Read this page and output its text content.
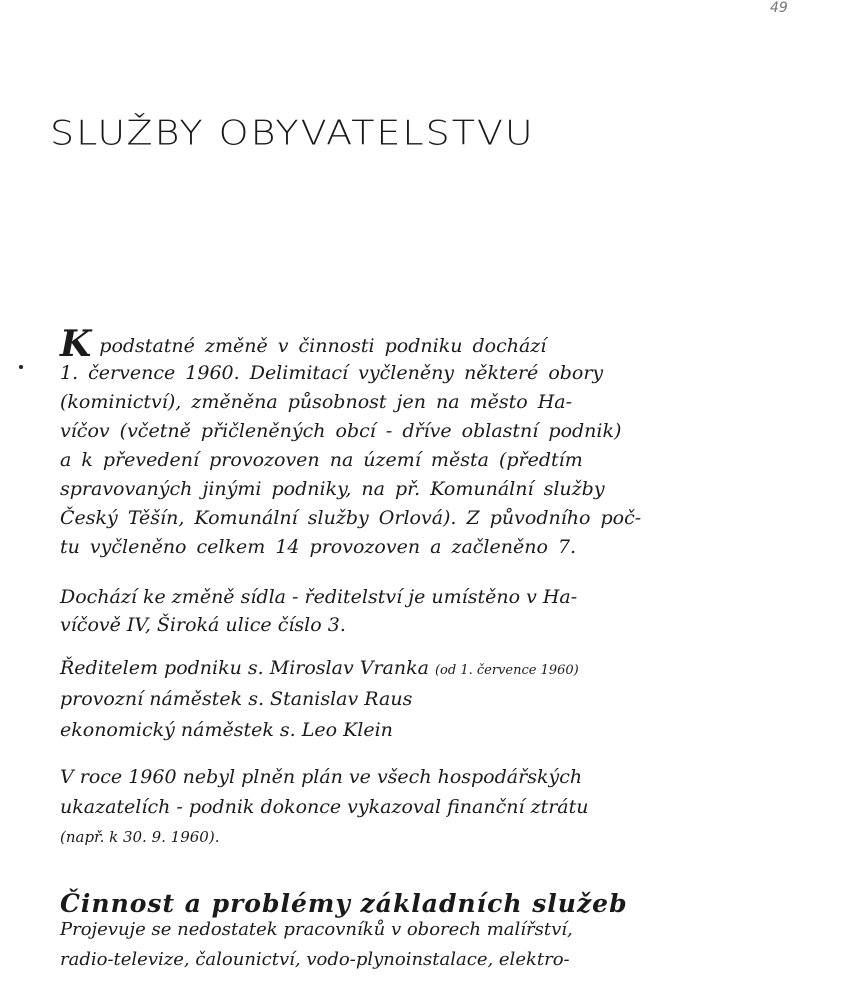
49
SLUŽBY OBYVATELSTVU

Kpodstatné změně v činnosti podniku dochází

1. července 1960. Delimitací vyčleněny některé obory

(kominictví), změněna působnost jen na město Ha-

víčov (včetně přičleněných obcí - dříve oblastní podnik)

a k převedení provozoven na území města (předtím

spravovaných jinými podniky, na př. Komunální služby

Český Těšín, Komunální služby Orlová). Z původního poč-

tu vyčleněno celkem 14 provozoven a začleněno 7.

Dochází ke změně sídla - ředitelství je umístěno v Ha-

víčově IV, Široká ulice číslo 3.

Ředitelem podniku s. Miroslav Vranka (od 1. července 1960)

provozní náměstek s. Stanislav Raus

ekonomický náměstek s. Leo Klein

V roce 1960 nebyl plněn plán ve všech hospodářských

ukazatelích - podnik dokonce vykazoval finanční ztrátu

(např. k 30. 9. 1960).

Činnost a problémy základních služeb

Projevuje se nedostatek pracovníků v oborech malířství,

radio-televize, čalounictví, vodo-plynoinstalace, elektro-
